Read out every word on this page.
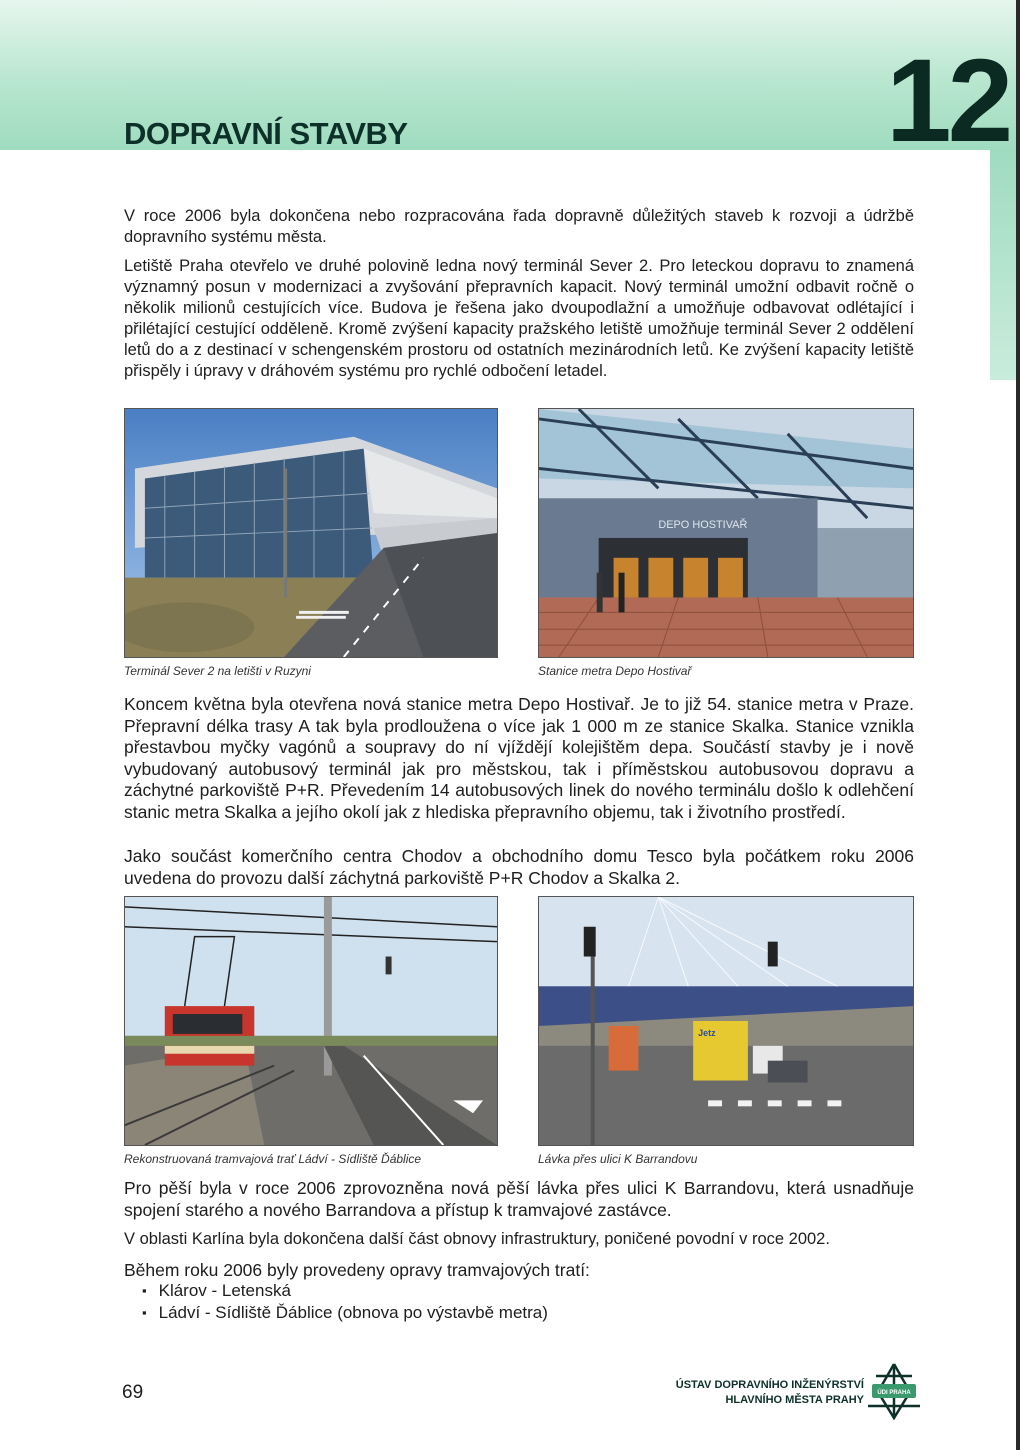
DOPRAVNÍ STAVBY	12

V roce 2006 byla dokončena nebo rozpracována řada dopravně důležitých staveb k rozvoji a údržbě dopravního systému města.

Letiště Praha otevřelo ve druhé polovině ledna nový terminál Sever 2. Pro leteckou dopravu to znamená významný posun v modernizaci a zvyšování přepravních kapacit. Nový terminál umožní odbavit ročně o několik milionů cestujících více. Budova je řešena jako dvoupodlažní a umožňuje odbavovat odlétající i přilétající cestující odděleně. Kromě zvýšení kapacity pražského letiště umožňuje terminál Sever 2 oddělení letů do a z destinací v schengenském prostoru od ostatních mezinárodních letů. Ke zvýšení kapacity letiště přispěly i úpravy v dráhovém systému pro rychlé odbočení letadel.

DEPO HOSTIVAŘ

Terminál Sever 2 na letišti v Ruzyni	Stanice metra Depo Hostivař

Koncem května byla otevřena nová stanice metra Depo Hostivař. Je to již 54. stanice metra v Praze. Přepravní délka trasy A tak byla prodloužena o více jak 1 000 m ze stanice Skalka. Stanice vznikla přestavbou myčky vagónů a soupravy do ní vjíždějí kolejištěm depa. Součástí stavby je i nově vybudovaný autobusový terminál jak pro městskou, tak i příměstskou autobusovou dopravu a záchytné parkoviště P+R. Převedením 14 autobusových linek do nového terminálu došlo k odlehčení stanic metra Skalka a jejího okolí jak z hlediska přepravního objemu, tak i životního prostředí.

Jako součást komerčního centra Chodov a obchodního domu Tesco byla počátkem roku 2006 uvedena do provozu další záchytná parkoviště P+R Chodov a Skalka 2.

Jetz

Rekonstruovaná tramvajová trať Ládví - Sídliště Ďáblice	Lávka přes ulici K Barrandovu

Pro pěší byla v roce 2006 zprovozněna nová pěší lávka přes ulici K Barrandovu, která usnadňuje spojení starého a nového Barrandova a přístup k tramvajové zastávce.

V oblasti Karlína byla dokončena další část obnovy infrastruktury, poničené povodní v roce 2002.

Během roku 2006 byly provedeny opravy tramvajových tratí:

▪ Klárov - Letenská
▪ Ládví - Sídliště Ďáblice (obnova po výstavbě metra)

69	ÚSTAV DOPRAVNÍHO INŽENÝRSTVÍ
HLAVNÍHO MĚSTA PRAHY
ÚDI PRAHA
